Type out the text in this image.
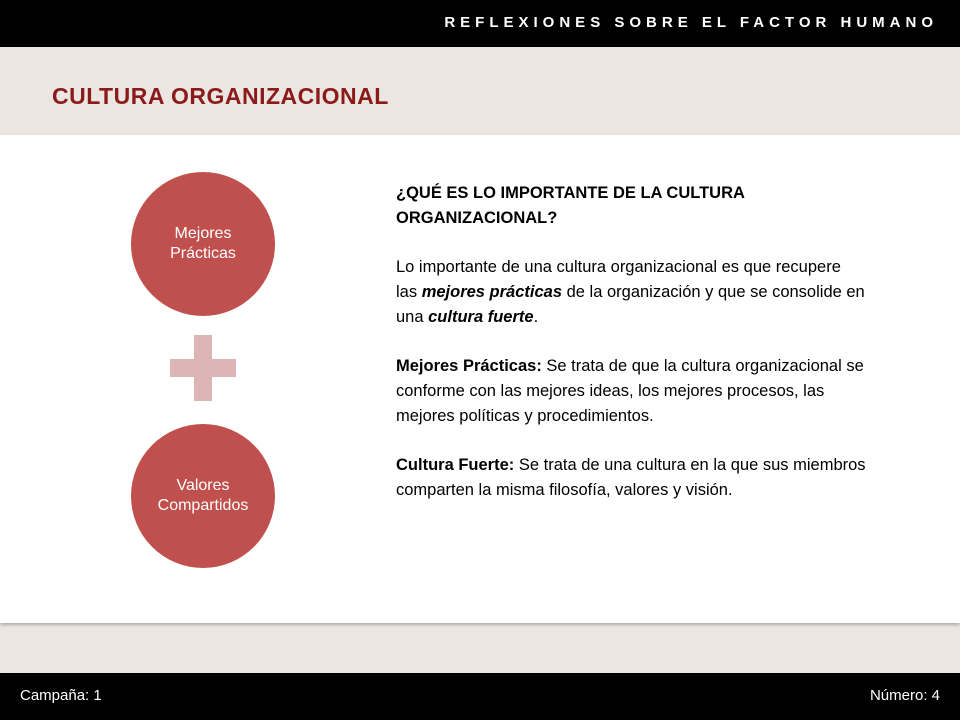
REFLEXIONES SOBRE EL FACTOR HUMANO
CULTURA ORGANIZACIONAL
Mejores Prácticas
Valores Compartidos

¿QUÉ ES LO IMPORTANTE DE LA CULTURA ORGANIZACIONAL?

Lo importante de una cultura organizacional es que recupere las mejores prácticas de la organización y que se consolide en una cultura fuerte.

Mejores Prácticas: Se trata de que la cultura organizacional se conforme con las mejores ideas, los mejores procesos, las mejores políticas y procedimientos.

Cultura Fuerte: Se trata de una cultura en la que sus miembros comparten la misma filosofía, valores y visión.

Campaña: 1	Número: 4
